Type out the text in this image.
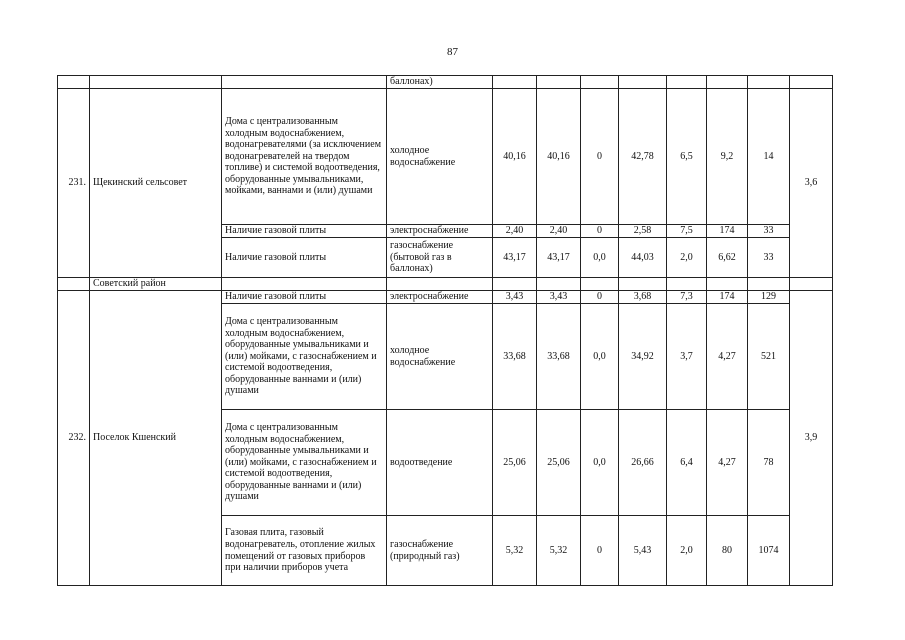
87
			баллонах)								
231.	Щекинский сельсовет	Дома с централизованным холодным водоснабжением, водонагревателями (за исключением водонагревателей на твердом топливе) и системой водоотведения, оборудованные умывальниками, мойками, ваннами и (или) душами	холодное водоснабжение	40,16	40,16	0	42,78	6,5	9,2	14	3,6
		Наличие газовой плиты	электроснабжение	2,40	2,40	0	2,58	7,5	174	33	
		Наличие газовой плиты	газоснабжение (бытовой газ в баллонах)	43,17	43,17	0,0	44,03	2,0	6,62	33	
	Советский район										
232.	Поселок Кшенский	Наличие газовой плиты	электроснабжение	3,43	3,43	0	3,68	7,3	174	129	3,9
		Дома с централизованным холодным водоснабжением, оборудованные умывальниками и (или) мойками, с газоснабжением и системой водоотведения, оборудованные ваннами и (или) душами	холодное водоснабжение	33,68	33,68	0,0	34,92	3,7	4,27	521	
		Дома с централизованным холодным водоснабжением, оборудованные умывальниками и (или) мойками, с газоснабжением и системой водоотведения, оборудованные ваннами и (или) душами	водоотведение	25,06	25,06	0,0	26,66	6,4	4,27	78	
		Газовая плита, газовый водонагреватель, отопление жилых помещений от газовых приборов при наличии приборов учета	газоснабжение (природный газ)	5,32	5,32	0	5,43	2,0	80	1074	
